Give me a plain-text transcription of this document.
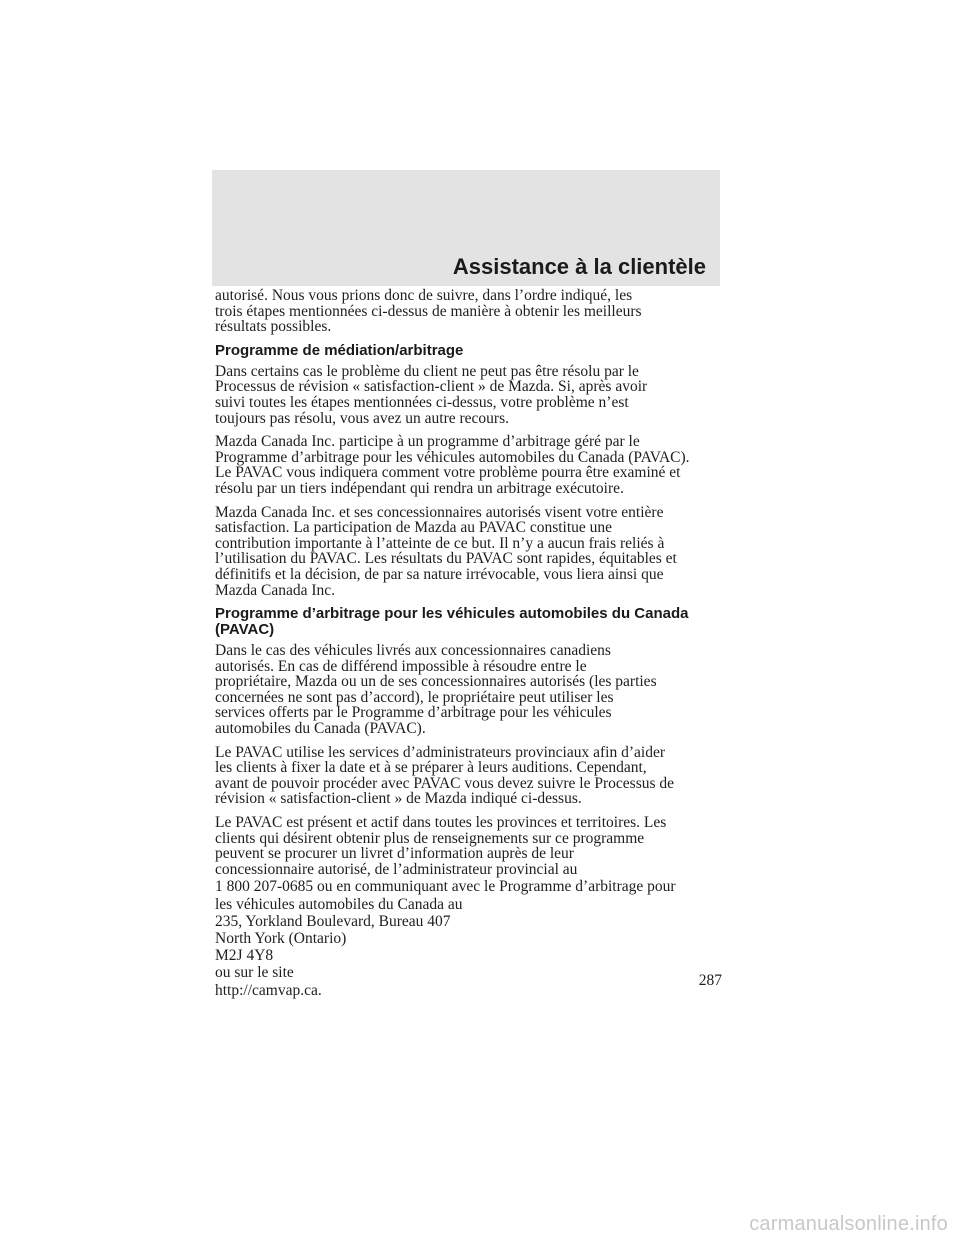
Assistance à la clientèle

autorisé. Nous vous prions donc de suivre, dans l’ordre indiqué, les
trois étapes mentionnées ci-dessus de manière à obtenir les meilleurs
résultats possibles.

Programme de médiation/arbitrage

Dans certains cas le problème du client ne peut pas être résolu par le
Processus de révision « satisfaction-client » de Mazda. Si, après avoir
suivi toutes les étapes mentionnées ci-dessus, votre problème n’est
toujours pas résolu, vous avez un autre recours.

Mazda Canada Inc. participe à un programme d’arbitrage géré par le
Programme d’arbitrage pour les véhicules automobiles du Canada (PAVAC).
Le PAVAC vous indiquera comment votre problème pourra être examiné et
résolu par un tiers indépendant qui rendra un arbitrage exécutoire.

Mazda Canada Inc. et ses concessionnaires autorisés visent votre entière
satisfaction. La participation de Mazda au PAVAC constitue une
contribution importante à l’atteinte de ce but. Il n’y a aucun frais reliés à
l’utilisation du PAVAC. Les résultats du PAVAC sont rapides, équitables et
définitifs et la décision, de par sa nature irrévocable, vous liera ainsi que
Mazda Canada Inc.

Programme d’arbitrage pour les véhicules automobiles du Canada
(PAVAC)

Dans le cas des véhicules livrés aux concessionnaires canadiens
autorisés. En cas de différend impossible à résoudre entre le
propriétaire, Mazda ou un de ses concessionnaires autorisés (les parties
concernées ne sont pas d’accord), le propriétaire peut utiliser les
services offerts par le Programme d’arbitrage pour les véhicules
automobiles du Canada (PAVAC).

Le PAVAC utilise les services d’administrateurs provinciaux afin d’aider
les clients à fixer la date et à se préparer à leurs auditions. Cependant,
avant de pouvoir procéder avec PAVAC vous devez suivre le Processus de
révision « satisfaction-client » de Mazda indiqué ci-dessus.

Le PAVAC est présent et actif dans toutes les provinces et territoires. Les
clients qui désirent obtenir plus de renseignements sur ce programme
peuvent se procurer un livret d’information auprès de leur
concessionnaire autorisé, de l’administrateur provincial au

1 800 207-0685 ou en communiquant avec le Programme d’arbitrage pour
les véhicules automobiles du Canada au
235, Yorkland Boulevard, Bureau 407
North York (Ontario)
M2J 4Y8
ou sur le site
http://camvap.ca.
287
carmanualsonline.info
